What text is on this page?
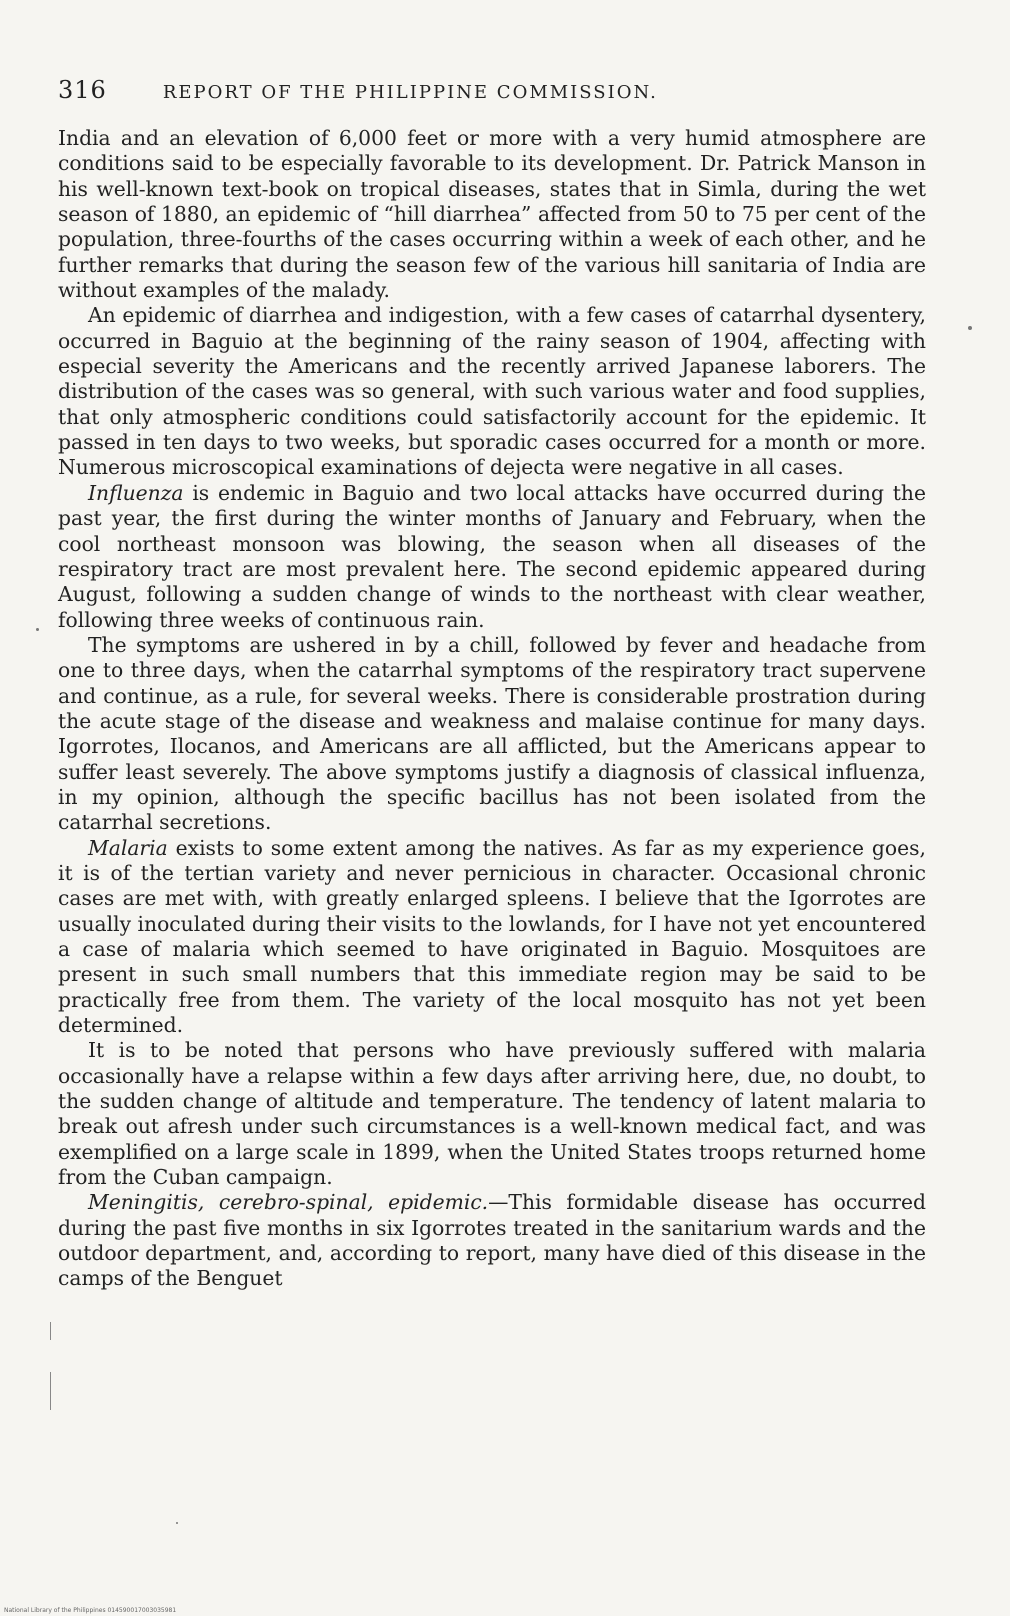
316	REPORT OF THE PHILIPPINE COMMISSION.

India and an elevation of 6,000 feet or more with a very humid atmosphere are conditions said to be especially favorable to its development. Dr. Patrick Manson in his well-known text-book on tropical diseases, states that in Simla, during the wet season of 1880, an epidemic of “hill diarrhea” affected from 50 to 75 per cent of the population, three-fourths of the cases occurring within a week of each other, and he further remarks that during the season few of the various hill sanitaria of India are without examples of the malady.

An epidemic of diarrhea and indigestion, with a few cases of catarrhal dysentery, occurred in Baguio at the beginning of the rainy season of 1904, affecting with especial severity the Americans and the recently arrived Japanese laborers. The distribution of the cases was so general, with such various water and food supplies, that only atmospheric conditions could satisfactorily account for the epidemic. It passed in ten days to two weeks, but sporadic cases occurred for a month or more. Numerous microscopical examinations of dejecta were negative in all cases.

Influenza is endemic in Baguio and two local attacks have occurred during the past year, the first during the winter months of January and February, when the cool northeast monsoon was blowing, the season when all diseases of the respiratory tract are most prevalent here. The second epidemic appeared during August, following a sudden change of winds to the northeast with clear weather, following three weeks of continuous rain.

The symptoms are ushered in by a chill, followed by fever and headache from one to three days, when the catarrhal symptoms of the respiratory tract supervene and continue, as a rule, for several weeks. There is considerable prostration during the acute stage of the disease and weakness and malaise continue for many days. Igorrotes, Ilocanos, and Americans are all afflicted, but the Americans appear to suffer least severely. The above symptoms justify a diagnosis of classical influenza, in my opinion, although the specific bacillus has not been isolated from the catarrhal secretions.

Malaria exists to some extent among the natives. As far as my experience goes, it is of the tertian variety and never pernicious in character. Occasional chronic cases are met with, with greatly enlarged spleens. I believe that the Igorrotes are usually inoculated during their visits to the lowlands, for I have not yet encountered a case of malaria which seemed to have originated in Baguio. Mosquitoes are present in such small numbers that this immediate region may be said to be practically free from them. The variety of the local mosquito has not yet been determined.

It is to be noted that persons who have previously suffered with malaria occasionally have a relapse within a few days after arriving here, due, no doubt, to the sudden change of altitude and temperature. The tendency of latent malaria to break out afresh under such circumstances is a well-known medical fact, and was exemplified on a large scale in 1899, when the United States troops returned home from the Cuban campaign.

Meningitis, cerebro-spinal, epidemic.—This formidable disease has occurred during the past five months in six Igorrotes treated in the sanitarium wards and the outdoor department, and, according to report, many have died of this disease in the camps of the Benguet

National Library of the Philippines 014590017003035981
